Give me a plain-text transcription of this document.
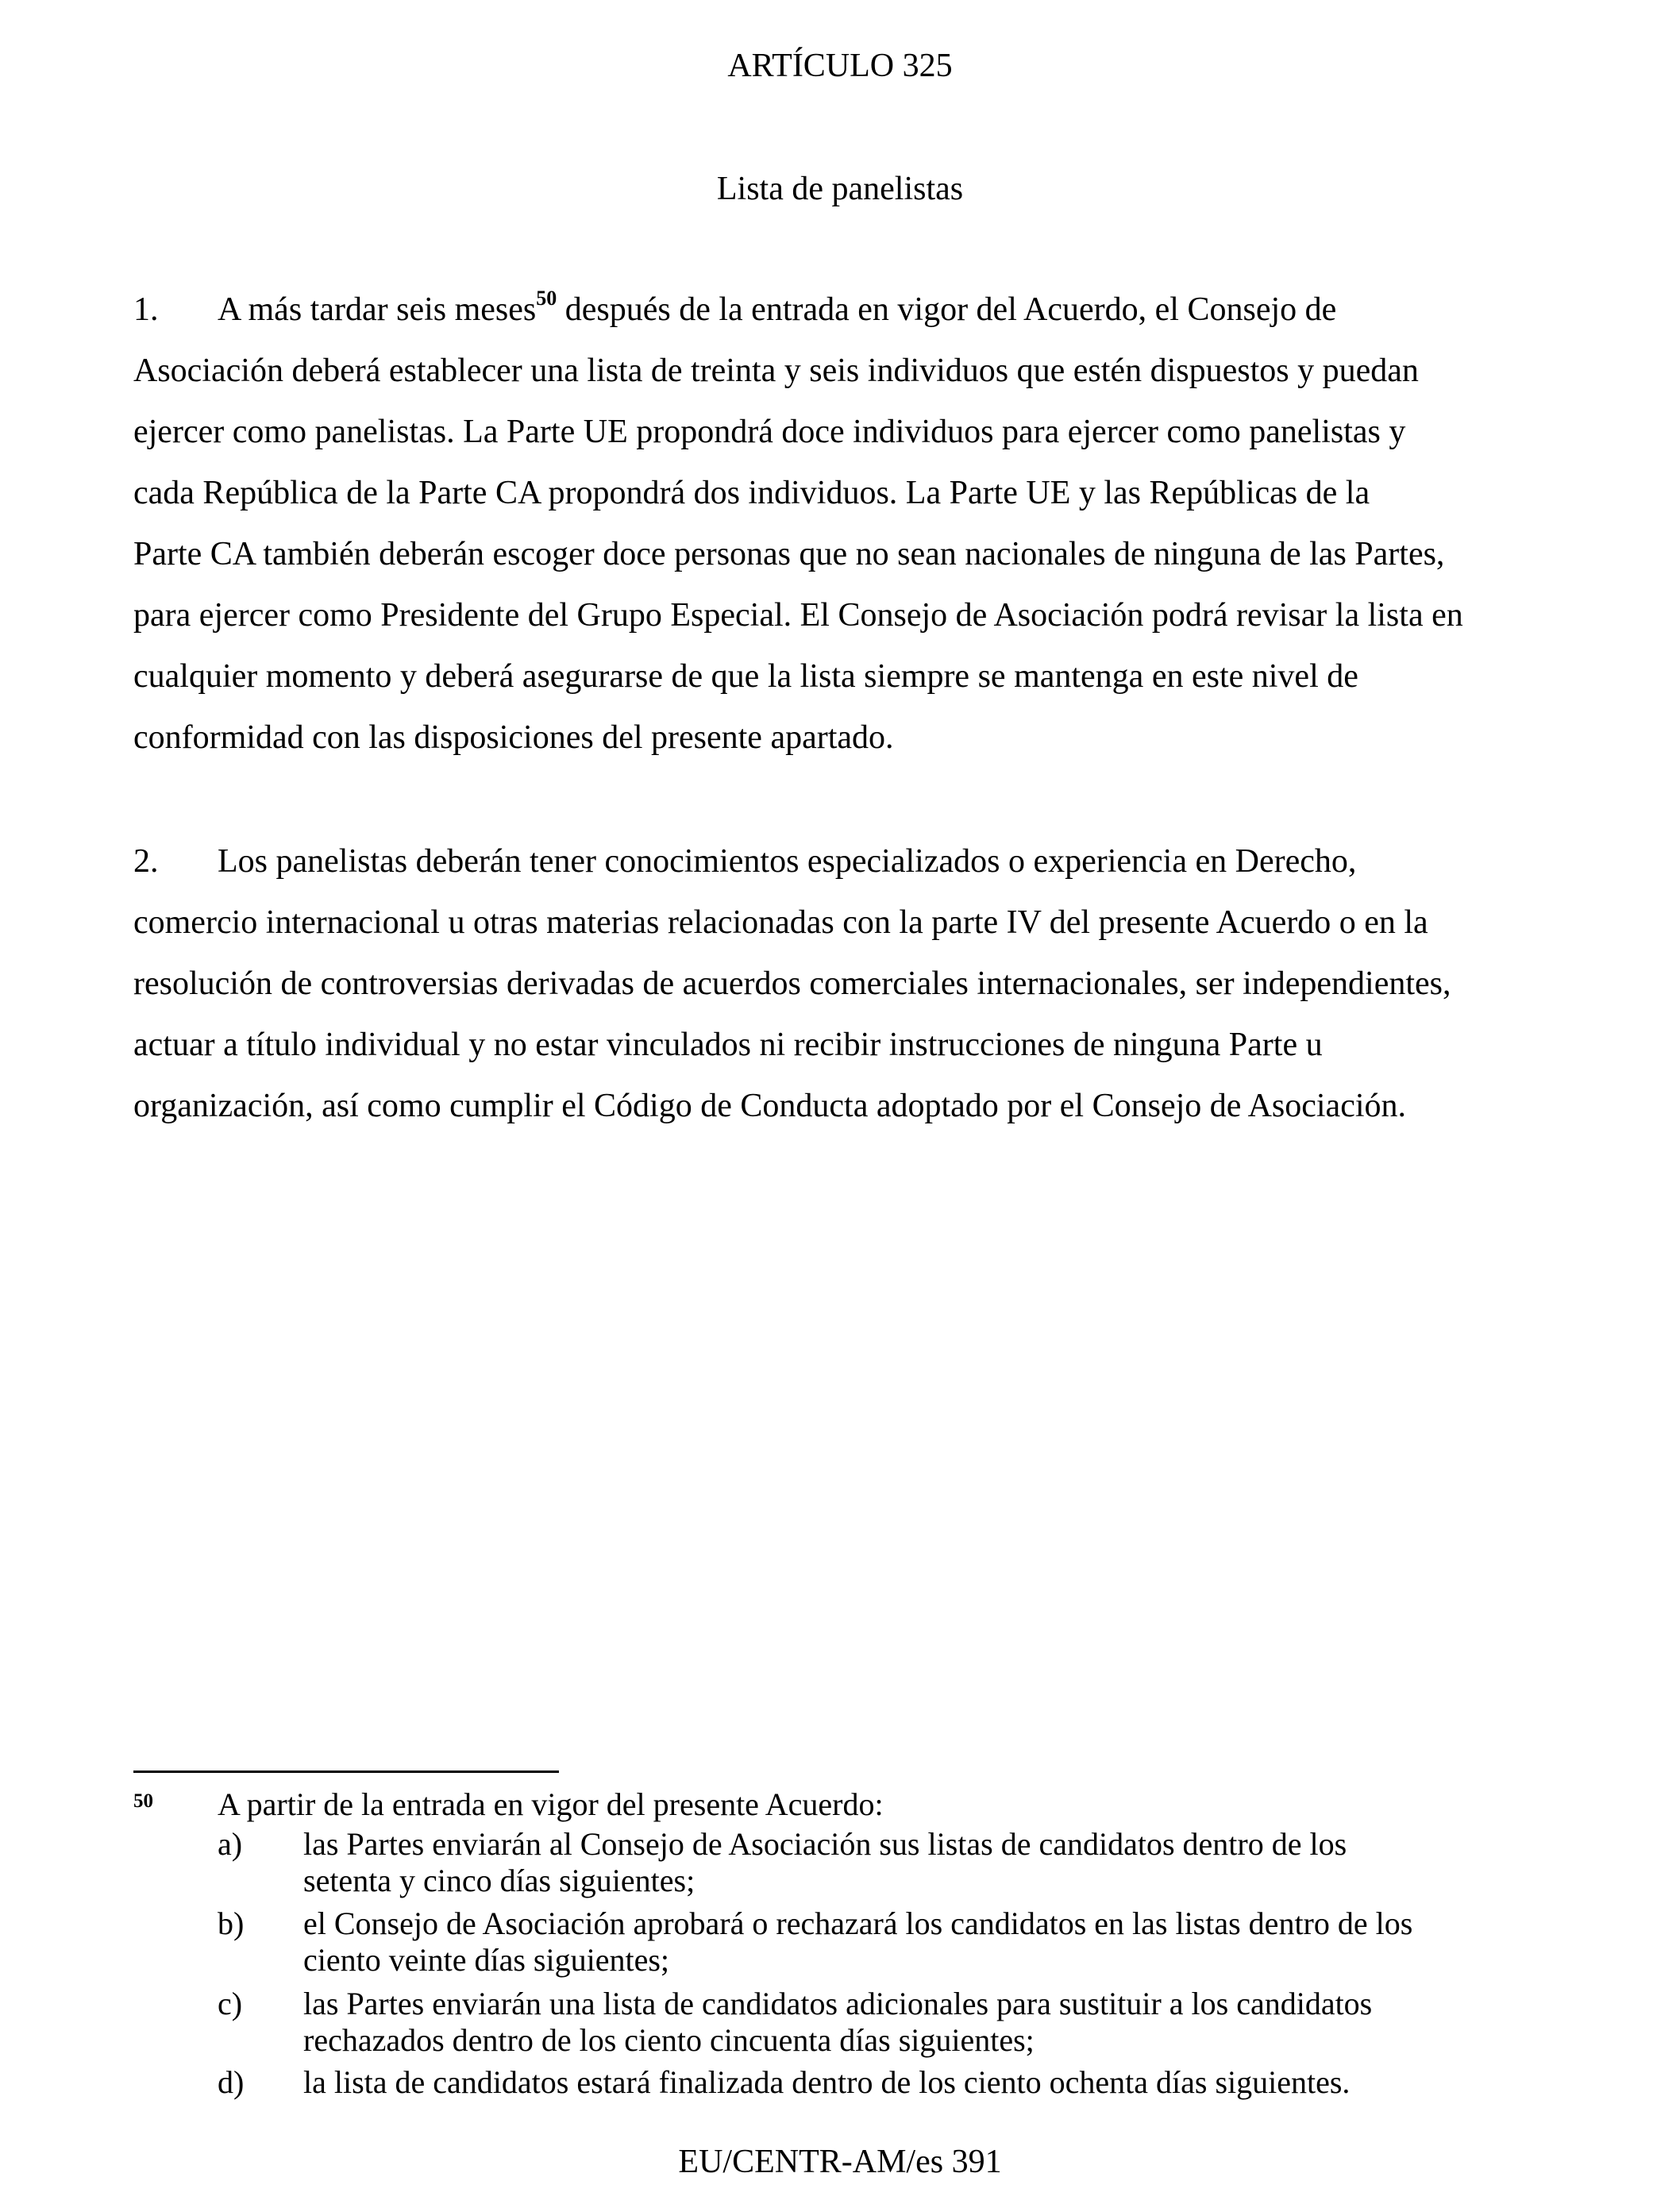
ARTÍCULO 325
Lista de panelistas
1. A más tardar seis meses$^{50}$ después de la entrada en vigor del Acuerdo, el Consejo de
Asociación deberá establecer una lista de treinta y seis individuos que estén dispuestos y puedan
ejercer como panelistas. La Parte UE propondrá doce individuos para ejercer como panelistas y
cada República de la Parte CA propondrá dos individuos. La Parte UE y las Repúblicas de la
Parte CA también deberán escoger doce personas que no sean nacionales de ninguna de las Partes,
para ejercer como Presidente del Grupo Especial. El Consejo de Asociación podrá revisar la lista en
cualquier momento y deberá asegurarse de que la lista siempre se mantenga en este nivel de
conformidad con las disposiciones del presente apartado.
2. Los panelistas deberán tener conocimientos especializados o experiencia en Derecho,
comercio internacional u otras materias relacionadas con la parte IV del presente Acuerdo o en la
resolución de controversias derivadas de acuerdos comerciales internacionales, ser independientes,
actuar a título individual y no estar vinculados ni recibir instrucciones de ninguna Parte u
organización, así como cumplir el Código de Conducta adoptado por el Consejo de Asociación.
50 A partir de la entrada en vigor del presente Acuerdo:
a) las Partes enviarán al Consejo de Asociación sus listas de candidatos dentro de los
setenta y cinco días siguientes;
b) el Consejo de Asociación aprobará o rechazará los candidatos en las listas dentro de los
ciento veinte días siguientes;
c) las Partes enviarán una lista de candidatos adicionales para sustituir a los candidatos
rechazados dentro de los ciento cincuenta días siguientes;
d) la lista de candidatos estará finalizada dentro de los ciento ochenta días siguientes.
EU/CENTR-AM/es 391
